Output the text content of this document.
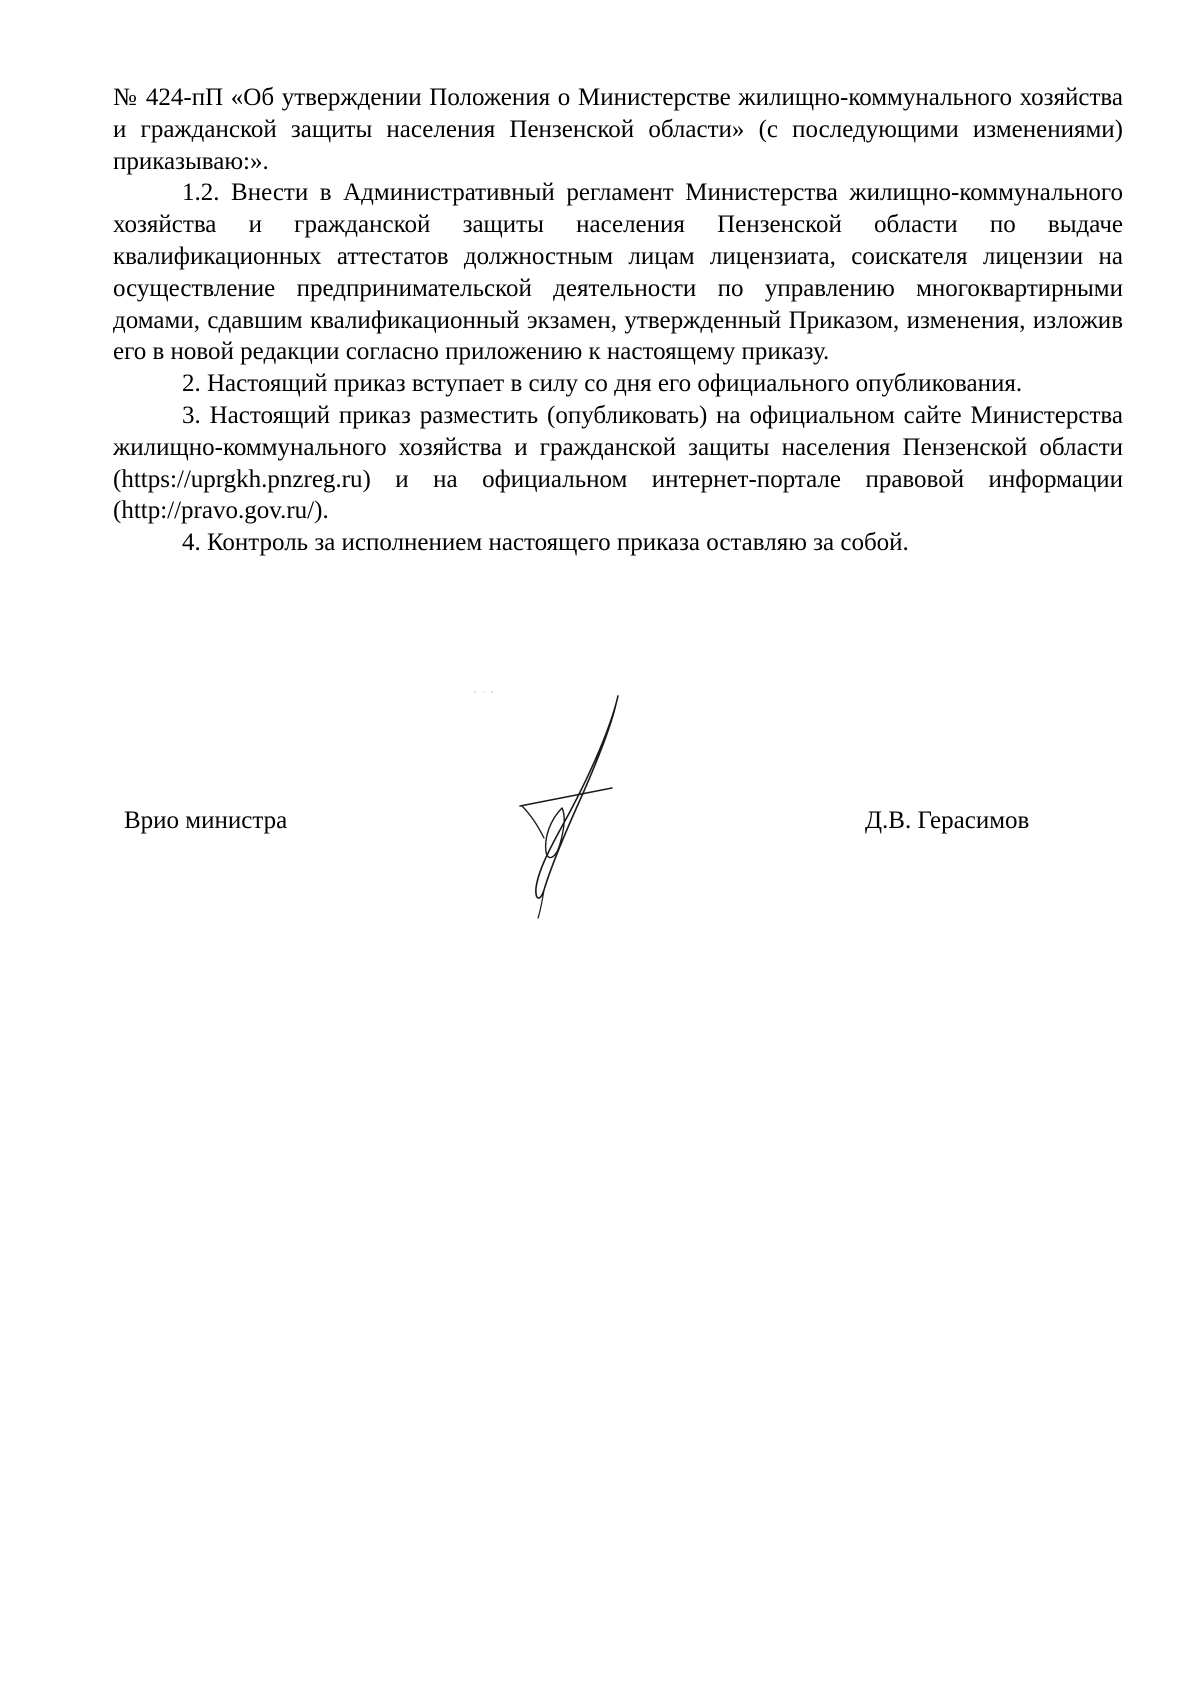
№ 424-пП «Об утверждении Положения о Министерстве жилищно-коммунального хозяйства и гражданской защиты населения Пензенской области» (с последующими изменениями) приказываю:».

1.2. Внести в Административный регламент Министерства жилищно-коммунального хозяйства и гражданской защиты населения Пензенской области по выдаче квалификационных аттестатов должностным лицам лицензиата, соискателя лицензии на осуществление предпринимательской деятельности по управлению многоквартирными домами, сдавшим квалификационный экзамен, утвержденный Приказом, изменения, изложив его в новой редакции согласно приложению к настоящему приказу.

2. Настоящий приказ вступает в силу со дня его официального опубликования.

3. Настоящий приказ разместить (опубликовать) на официальном сайте Министерства жилищно-коммунального хозяйства и гражданской защиты населения Пензенской области (https://uprgkh.pnzreg.ru) и на официальном интернет-портале правовой информации (http://pravo.gov.ru/).

4. Контроль за исполнением настоящего приказа оставляю за собой.

Врио министра	Д.В. Герасимов
